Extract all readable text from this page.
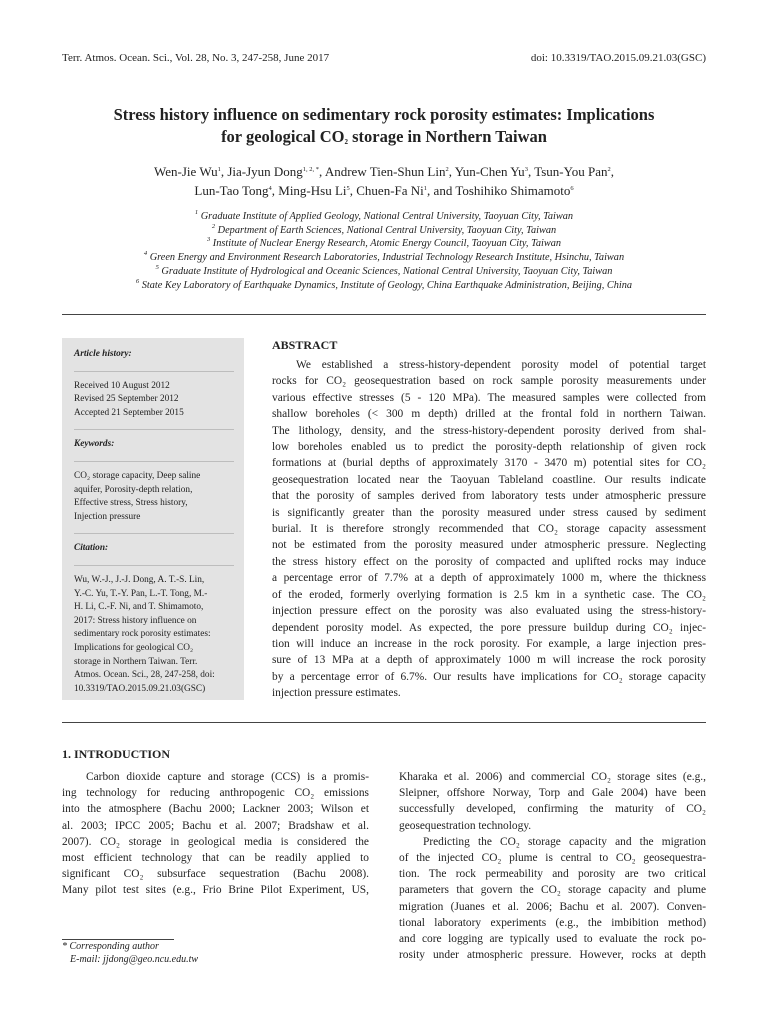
Terr. Atmos. Ocean. Sci., Vol. 28, No. 3, 247-258, June 2017	doi: 10.3319/TAO.2015.09.21.03(GSC)
Stress history influence on sedimentary rock porosity estimates: Implications
for geological $CO_2$ storage in Northern Taiwan
Wen-Jie Wu$^1$, Jia-Jyun Dong$^{1, 2, *}$, Andrew Tien-Shun Lin$^2$, Yun-Chen Yu$^3$, Tsun-You Pan$^2$,
Lun-Tao Tong$^4$, Ming-Hsu Li$^5$, Chuen-Fa Ni$^1$, and Toshihiko Shimamoto$^6$
$^1$ Graduate Institute of Applied Geology, National Central University, Taoyuan City, Taiwan
$^2$ Department of Earth Sciences, National Central University, Taoyuan City, Taiwan
$^3$ Institute of Nuclear Energy Research, Atomic Energy Council, Taoyuan City, Taiwan
$^4$ Green Energy and Environment Research Laboratories, Industrial Technology Research Institute, Hsinchu, Taiwan
$^5$ Graduate Institute of Hydrological and Oceanic Sciences, National Central University, Taoyuan City, Taiwan
$^6$ State Key Laboratory of Earthquake Dynamics, Institute of Geology, China Earthquake Administration, Beijing, China
Article history:
Received 10 August 2012
Revised 25 September 2012
Accepted 21 September 2015
Keywords:
CO₂ storage capacity, Deep saline
aquifer, Porosity-depth relation,
Effective stress, Stress history,
Injection pressure
Citation:
Wu, W.-J., J.-J. Dong, A. T.-S. Lin,
Y.-C. Yu, T.-Y. Pan, L.-T. Tong, M.-
H. Li, C.-F. Ni, and T. Shimamoto,
2017: Stress history influence on
sedimentary rock porosity estimates:
Implications for geological CO₂
storage in Northern Taiwan. Terr.
Atmos. Ocean. Sci., 28, 247-258, doi:
10.3319/TAO.2015.09.21.03(GSC)
ABSTRACT
We established a stress-history-dependent porosity model of potential target
rocks for CO₂ geosequestration based on rock sample porosity measurements under
various effective stresses (5 - 120 MPa). The measured samples were collected from
shallow boreholes (< 300 m depth) drilled at the frontal fold in northern Taiwan.
The lithology, density, and the stress-history-dependent porosity derived from shal-
low boreholes enabled us to predict the porosity-depth relationship of given rock
formations at (burial depths of approximately 3170 - 3470 m) potential sites for CO₂
geosequestration located near the Taoyuan Tableland coastline. Our results indicate
that the porosity of samples derived from laboratory tests under atmospheric pressure
is significantly greater than the porosity measured under stress caused by sediment
burial. It is therefore strongly recommended that CO₂ storage capacity assessment
not be estimated from the porosity measured under atmospheric pressure. Neglecting
the stress history effect on the porosity of compacted and uplifted rocks may induce
a percentage error of 7.7% at a depth of approximately 1000 m, where the thickness
of the eroded, formerly overlying formation is 2.5 km in a synthetic case. The CO₂
injection pressure effect on the porosity was also evaluated using the stress-history-
dependent porosity model. As expected, the pore pressure buildup during CO₂ injec-
tion will induce an increase in the rock porosity. For example, a large injection pres-
sure of 13 MPa at a depth of approximately 1000 m will increase the rock porosity
by a percentage error of 6.7%. Our results have implications for CO₂ storage capacity
injection pressure estimates.
1. INTRODUCTION
Carbon dioxide capture and storage (CCS) is a promis-
ing technology for reducing anthropogenic CO₂ emissions
into the atmosphere (Bachu 2000; Lackner 2003; Wilson et
al. 2003; IPCC 2005; Bachu et al. 2007; Bradshaw et al.
2007). CO₂ storage in geological media is considered the
most efficient technology that can be readily applied to
significant CO₂ subsurface sequestration (Bachu 2008).
Many pilot test sites (e.g., Frio Brine Pilot Experiment, US,
Kharaka et al. 2006) and commercial CO₂ storage sites (e.g.,
Sleipner, offshore Norway, Torp and Gale 2004) have been
successfully developed, confirming the maturity of CO₂
geosequestration technology.
Predicting the CO₂ storage capacity and the migration
of the injected CO₂ plume is central to CO₂ geosequestra-
tion. The rock permeability and porosity are two critical
parameters that govern the CO₂ storage capacity and plume
migration (Juanes et al. 2006; Bachu et al. 2007). Conven-
tional laboratory experiments (e.g., the imbibition method)
and core logging are typically used to evaluate the rock po-
rosity under atmospheric pressure. However, rocks at depth
* Corresponding author
E-mail: jjdong@geo.ncu.edu.tw
